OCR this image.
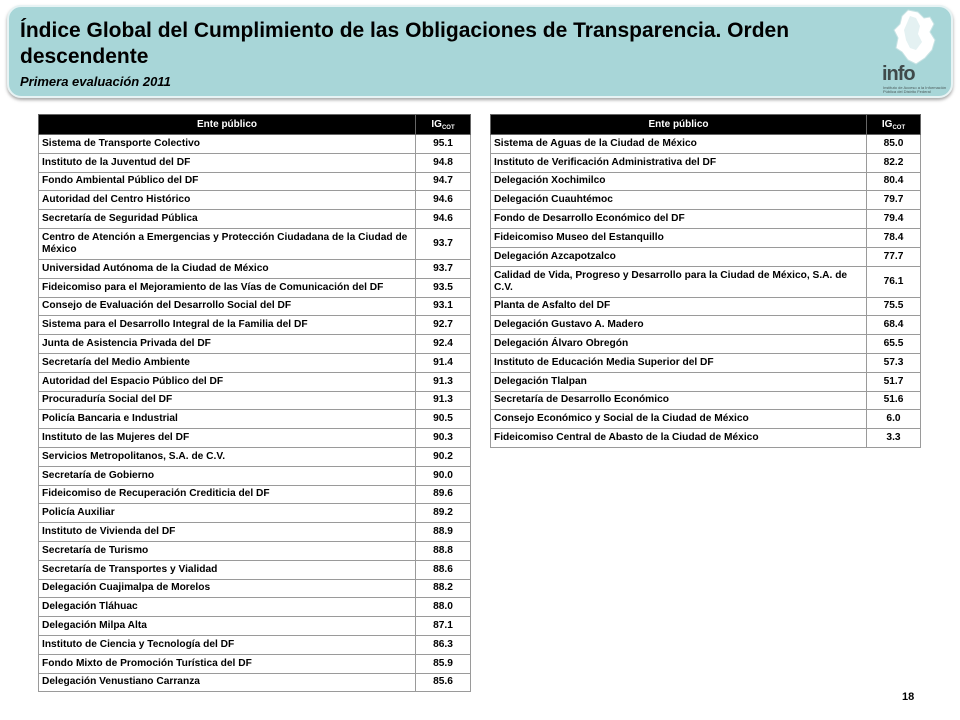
Índice Global del Cumplimiento de las Obligaciones de Transparencia. Orden descendente
Primera evaluación 2011	info
Instituto de Acceso a la Información Pública del Distrito Federal
Ente público	$IG_{COT}$
Sistema de Transporte Colectivo	95.1
Instituto de la Juventud del DF	94.8
Fondo Ambiental Público del DF	94.7
Autoridad del Centro Histórico	94.6
Secretaría de Seguridad Pública	94.6
Centro de Atención a Emergencias y Protección Ciudadana de la Ciudad de México	93.7
Universidad Autónoma de la Ciudad de México	93.7
Fideicomiso para el Mejoramiento de las Vías de Comunicación del DF	93.5
Consejo de Evaluación del Desarrollo Social del DF	93.1
Sistema para el Desarrollo Integral de la Familia del DF	92.7
Junta de Asistencia Privada del DF	92.4
Secretaría del Medio Ambiente	91.4
Autoridad del Espacio Público del DF	91.3
Procuraduría Social del DF	91.3
Policía Bancaria e Industrial	90.5
Instituto de las Mujeres del DF	90.3
Servicios Metropolitanos, S.A. de C.V.	90.2
Secretaría de Gobierno	90.0
Fideicomiso de Recuperación Crediticia del DF	89.6
Policía Auxiliar	89.2
Instituto de Vivienda del DF	88.9
Secretaría de Turismo	88.8
Secretaría de Transportes y Vialidad	88.6
Delegación Cuajimalpa de Morelos	88.2
Delegación Tláhuac	88.0
Delegación Milpa Alta	87.1
Instituto de Ciencia y Tecnología del DF	86.3
Fondo Mixto de Promoción Turística del DF	85.9
Delegación Venustiano Carranza	85.6
Ente público	$IG_{COT}$
Sistema de Aguas de la Ciudad de México	85.0
Instituto de Verificación Administrativa del DF	82.2
Delegación Xochimilco	80.4
Delegación Cuauhtémoc	79.7
Fondo de Desarrollo Económico del DF	79.4
Fideicomiso Museo del Estanquillo	78.4
Delegación Azcapotzalco	77.7
Calidad de Vida, Progreso y Desarrollo para la Ciudad de México, S.A. de C.V.	76.1
Planta de Asfalto del DF	75.5
Delegación Gustavo A. Madero	68.4
Delegación Álvaro Obregón	65.5
Instituto de Educación Media Superior del DF	57.3
Delegación Tlalpan	51.7
Secretaría de Desarrollo Económico	51.6
Consejo Económico y Social de la Ciudad de México	6.0
Fideicomiso Central de Abasto de la Ciudad de México	3.3
18
